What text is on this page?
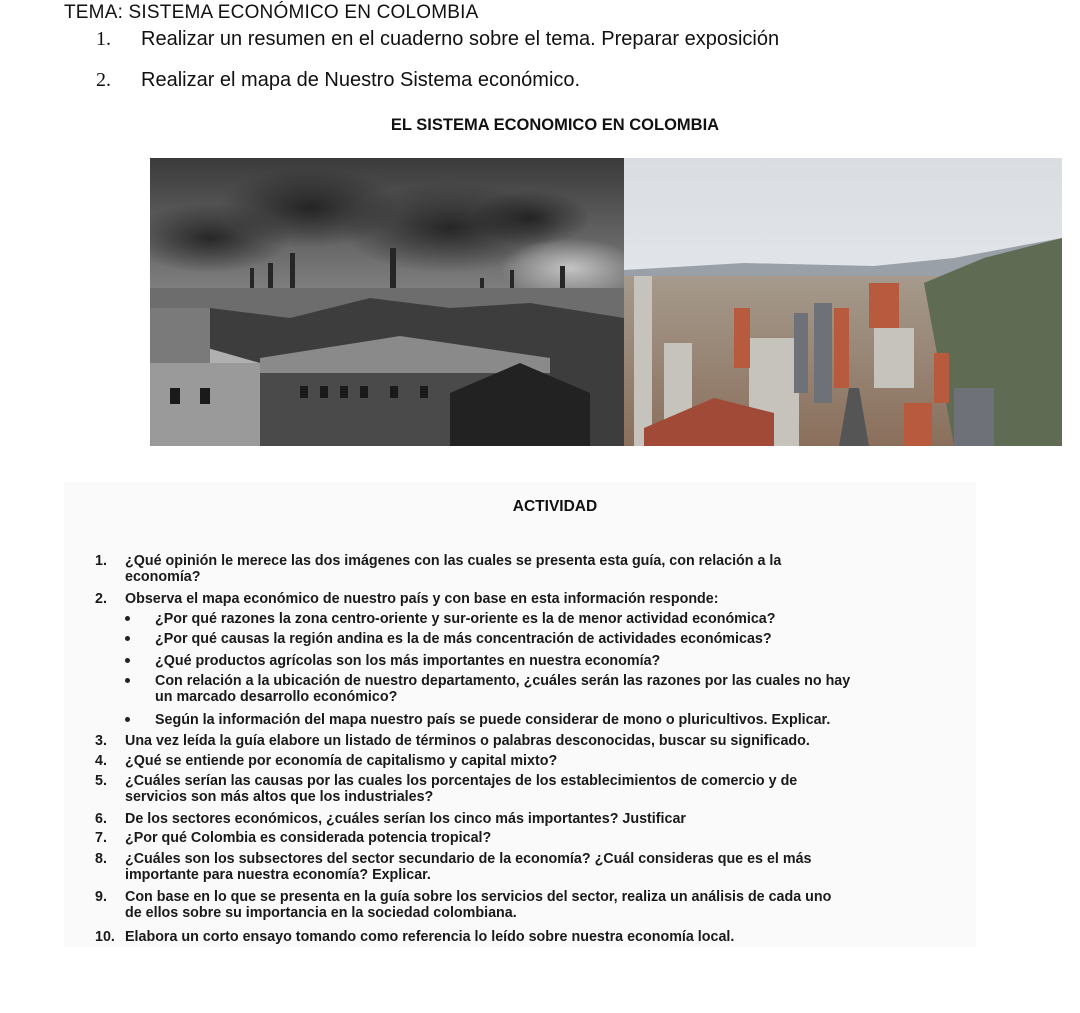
TEMA: SISTEMA ECONÓMICO EN COLOMBIA
1.	Realizar un resumen en el cuaderno sobre el tema. Preparar exposición
2.	Realizar el mapa de Nuestro Sistema económico.
EL SISTEMA ECONOMICO EN COLOMBIA
ACTIVIDAD
1. ¿Qué opinión le merece las dos imágenes con las cuales se presenta esta guía, con relación a la
economía?
2. Observa el mapa económico de nuestro país y con base en esta información responde:
¿Por qué razones la zona centro-oriente y sur-oriente es la de menor actividad económica?
¿Por qué causas la región andina es la de más concentración de actividades económicas?
¿Qué productos agrícolas son los más importantes en nuestra economía?
Con relación a la ubicación de nuestro departamento, ¿cuáles serán las razones por las cuales no hay
un marcado desarrollo económico?
Según la información del mapa nuestro país se puede considerar de mono o pluricultivos. Explicar.
3. Una vez leída la guía elabore un listado de términos o palabras desconocidas, buscar su significado.
4. ¿Qué se entiende por economía de capitalismo y capital mixto?
5. ¿Cuáles serían las causas por las cuales los porcentajes de los establecimientos de comercio y de
servicios son más altos que los industriales?
6. De los sectores económicos, ¿cuáles serían los cinco más importantes? Justificar
7. ¿Por qué Colombia es considerada potencia tropical?
8. ¿Cuáles son los subsectores del sector secundario de la economía? ¿Cuál consideras que es el más
importante para nuestra economía? Explicar.
9. Con base en lo que se presenta en la guía sobre los servicios del sector, realiza un análisis de cada uno
de ellos sobre su importancia en la sociedad colombiana.
10. Elabora un corto ensayo tomando como referencia lo leído sobre nuestra economía local.
